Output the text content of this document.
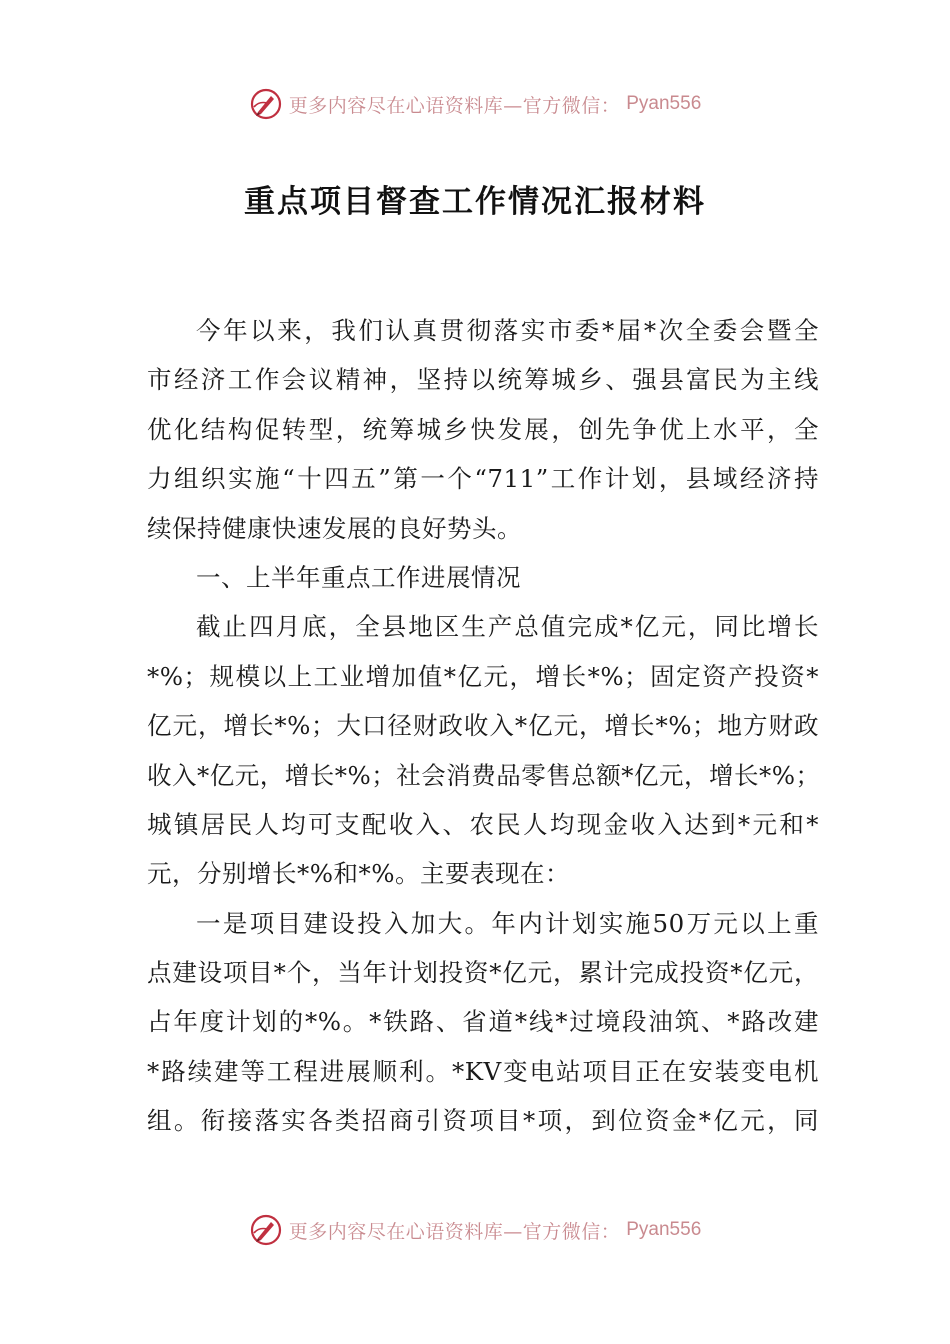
更多内容尽在心语资料库—官方微信： Pyan556
重点项目督查工作情况汇报材料
今年以来，我们认真贯彻落实市委*届*次全委会暨全
市经济工作会议精神，坚持以统筹城乡、强县富民为主线
优化结构促转型，统筹城乡快发展，创先争优上水平，全
力组织实施“十四五”第一个“711”工作计划，县域经济持
续保持健康快速发展的良好势头。
一、上半年重点工作进展情况
截止四月底，全县地区生产总值完成*亿元，同比增长
*%；规模以上工业增加值*亿元，增长*%；固定资产投资*
亿元，增长*%；大口径财政收入*亿元，增长*%；地方财政
收入*亿元，增长*%；社会消费品零售总额*亿元，增长*%；
城镇居民人均可支配收入、农民人均现金收入达到*元和*
元，分别增长*%和*%。主要表现在：
一是项目建设投入加大。年内计划实施50万元以上重
点建设项目*个，当年计划投资*亿元，累计完成投资*亿元，
占年度计划的*%。*铁路、省道*线*过境段油筑、*路改建
*路续建等工程进展顺利。*KV变电站项目正在安装变电机
组。衔接落实各类招商引资项目*项，到位资金*亿元，同
更多内容尽在心语资料库—官方微信： Pyan556
